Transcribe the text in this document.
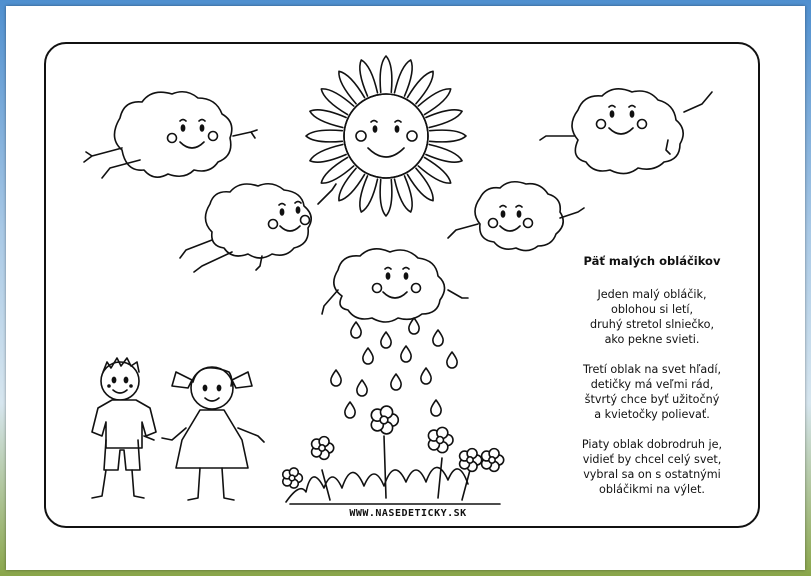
Päť malých obláčikov
Jeden malý obláčik,
oblohou si letí,
druhý stretol slniečko,
ako pekne svieti.
Tretí oblak na svet hľadí,
detičky má veľmi rád,
štvrtý chce byť užitočný
a kvietočky polievať.
Piaty oblak dobrodruh je,
vidieť by chcel celý svet,
vybral sa on s ostatnými
obláčikmi na výlet.
WWW.NASEDETICKY.SK
